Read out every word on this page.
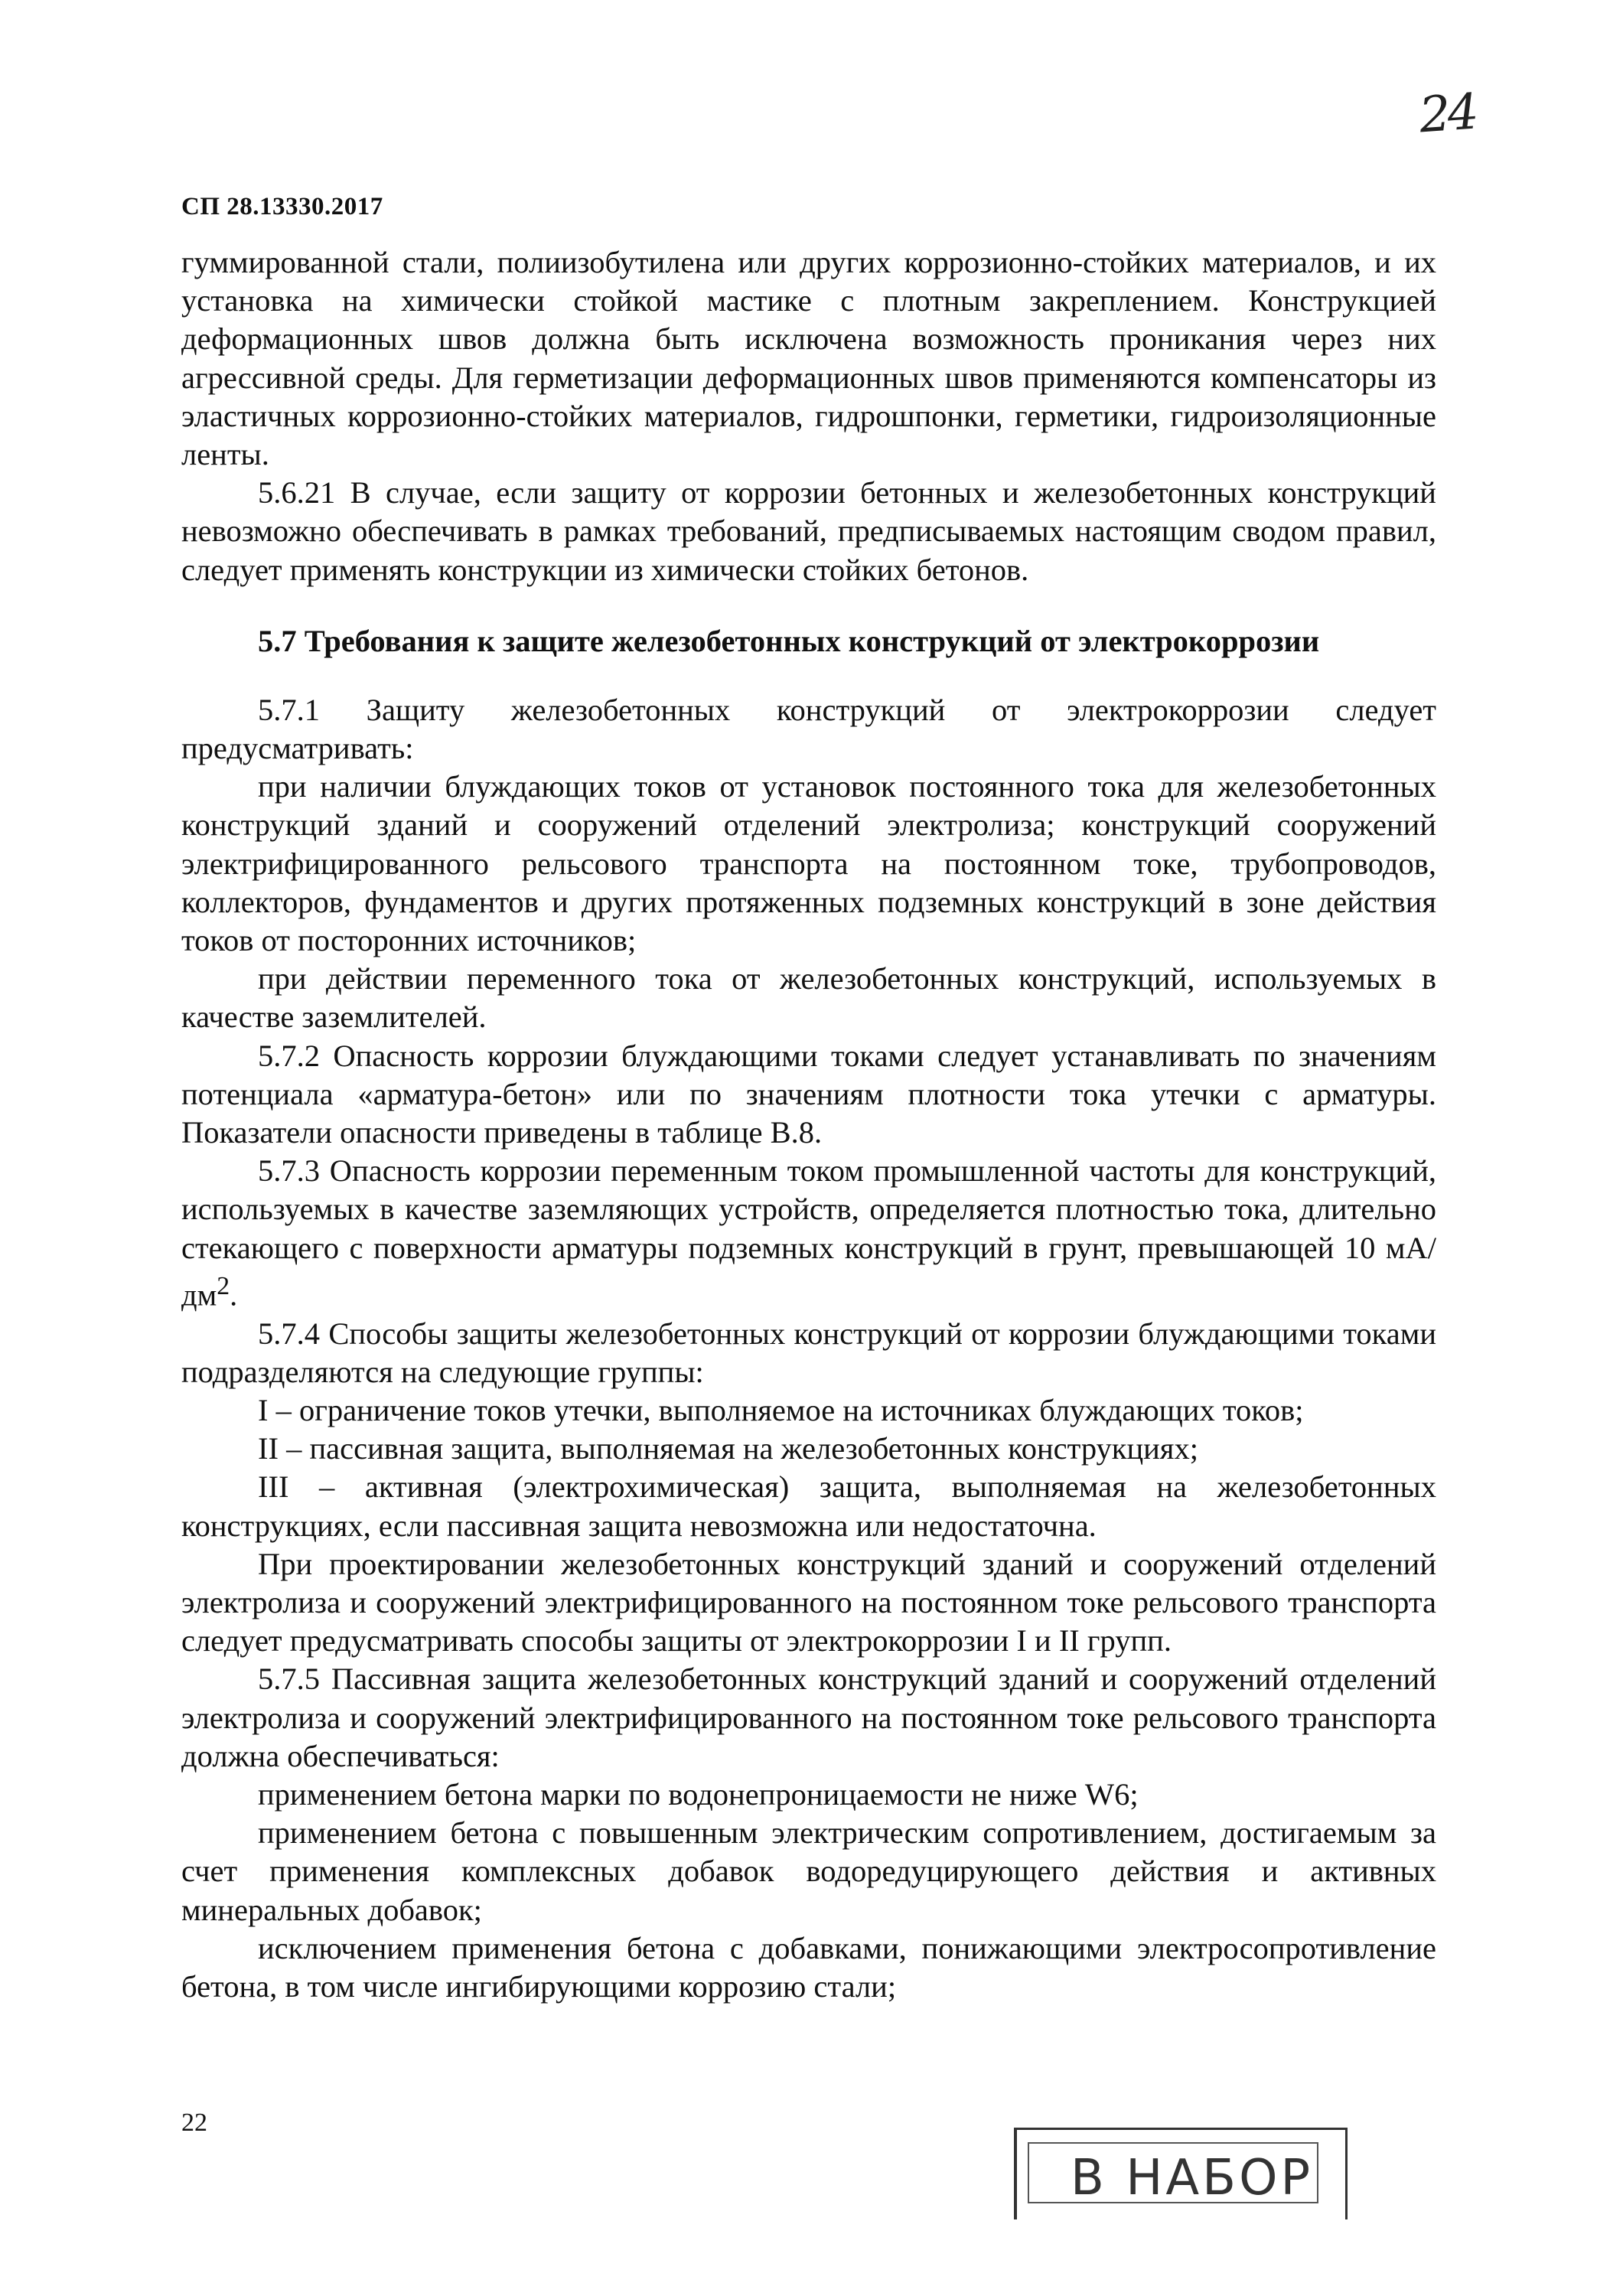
24
СП 28.13330.2017

гуммированной стали, полиизобутилена или других коррозионно-стойких материалов, и их установка на химически стойкой мастике с плотным закреплением. Конструкцией деформационных швов должна быть исключена возможность проникания через них агрессивной среды. Для герметизации деформационных швов применяются компенсаторы из эластичных коррозионно-стойких материалов, гидрошпонки, герметики, гидроизоляционные ленты.

5.6.21 В случае, если защиту от коррозии бетонных и железобетонных конструкций невозможно обеспечивать в рамках требований, предписываемых настоящим сводом правил, следует применять конструкции из химически стойких бетонов.

5.7 Требования к защите железобетонных конструкций от электрокоррозии

5.7.1 Защиту железобетонных конструкций от электрокоррозии следует предусматривать:

при наличии блуждающих токов от установок постоянного тока для железобетонных конструкций зданий и сооружений отделений электролиза; конструкций сооружений электрифицированного рельсового транспорта на постоянном токе, трубопроводов, коллекторов, фундаментов и других протяженных подземных конструкций в зоне действия токов от посторонних источников;

при действии переменного тока от железобетонных конструкций, используемых в качестве заземлителей.

5.7.2 Опасность коррозии блуждающими токами следует устанавливать по значениям потенциала «арматура-бетон» или по значениям плотности тока утечки с арматуры. Показатели опасности приведены в таблице В.8.

5.7.3 Опасность коррозии переменным током промышленной частоты для конструкций, используемых в качестве заземляющих устройств, определяется плотностью тока, длительно стекающего с поверхности арматуры подземных конструкций в грунт, превышающей 10 $мА/дм^2$.

5.7.4 Способы защиты железобетонных конструкций от коррозии блуждающими токами подразделяются на следующие группы:

I – ограничение токов утечки, выполняемое на источниках блуждающих токов;

II – пассивная защита, выполняемая на железобетонных конструкциях;

III – активная (электрохимическая) защита, выполняемая на железобетонных конструкциях, если пассивная защита невозможна или недостаточна.

При проектировании железобетонных конструкций зданий и сооружений отделений электролиза и сооружений электрифицированного на постоянном токе рельсового транспорта следует предусматривать способы защиты от электрокоррозии I и II групп.

5.7.5 Пассивная защита железобетонных конструкций зданий и сооружений отделений электролиза и сооружений электрифицированного на постоянном токе рельсового транспорта должна обеспечиваться:

применением бетона марки по водонепроницаемости не ниже W6;

применением бетона с повышенным электрическим сопротивлением, достигаемым за счет применения комплексных добавок водоредуцирующего действия и активных минеральных добавок;

исключением применения бетона с добавками, понижающими электросопротивление бетона, в том числе ингибирующими коррозию стали;

22
В НАБОР
